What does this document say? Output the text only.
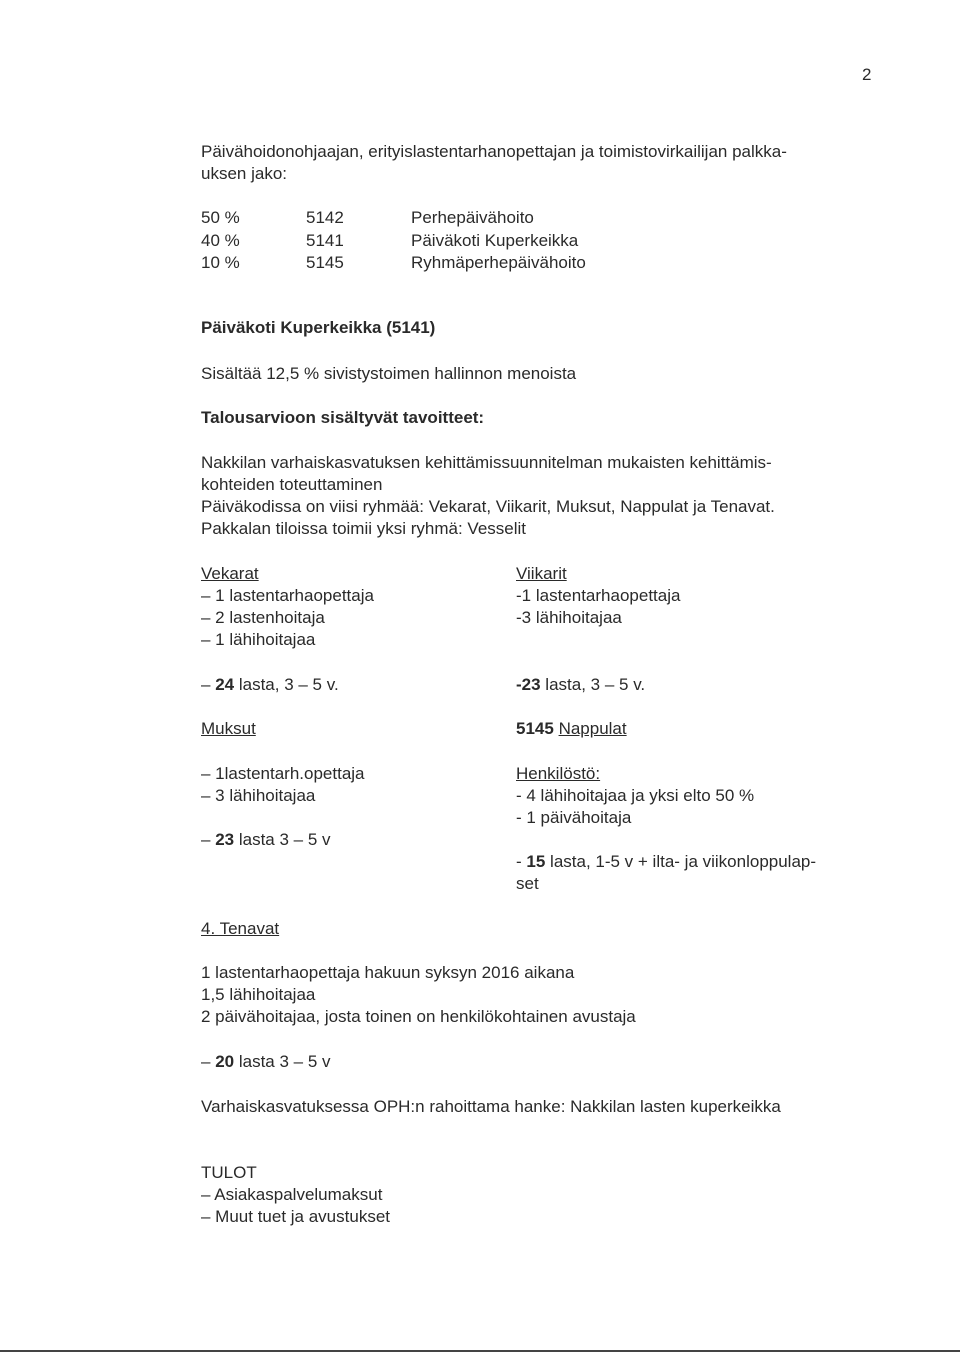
2
Päivähoidonohjaajan, erityislastentarhanopettajan ja toimistovirkailijan palkka-
uksen jako:
50 %	5142	Perhepäivähoito
40 %	5141	Päiväkoti Kuperkeikka
10 %	5145	Ryhmäperhepäivähoito
Päiväkoti Kuperkeikka (5141)
Sisältää 12,5 % sivistystoimen hallinnon menoista
Talousarvioon sisältyvät tavoitteet:
Nakkilan varhaiskasvatuksen kehittämissuunnitelman mukaisten kehittämis-
kohteiden toteuttaminen
Päiväkodissa on viisi ryhmää: Vekarat, Viikarit, Muksut, Nappulat ja Tenavat.
Pakkalan tiloissa toimii yksi ryhmä: Vesselit
Vekarat
– 1 lastentarhaopettaja
– 2 lastenhoitaja
– 1 lähihoitajaa
– 24 lasta, 3 – 5 v.
Viikarit
-1 lastentarhaopettaja
-3 lähihoitajaa
-23 lasta, 3 – 5 v.
Muksut
– 1lastentarh.opettaja
– 3 lähihoitajaa
– 23 lasta 3 – 5 v
5145 Nappulat
Henkilöstö:
- 4 lähihoitajaa ja yksi elto 50 %
- 1 päivähoitaja
- 15 lasta, 1-5 v + ilta- ja viikonloppulap-
set
4. Tenavat
1 lastentarhaopettaja hakuun syksyn 2016 aikana
1,5 lähihoitajaa
2 päivähoitajaa, josta toinen on henkilökohtainen avustaja
– 20 lasta 3 – 5 v
Varhaiskasvatuksessa OPH:n rahoittama hanke: Nakkilan lasten kuperkeikka
TULOT
– Asiakaspalvelumaksut
– Muut tuet ja avustukset
